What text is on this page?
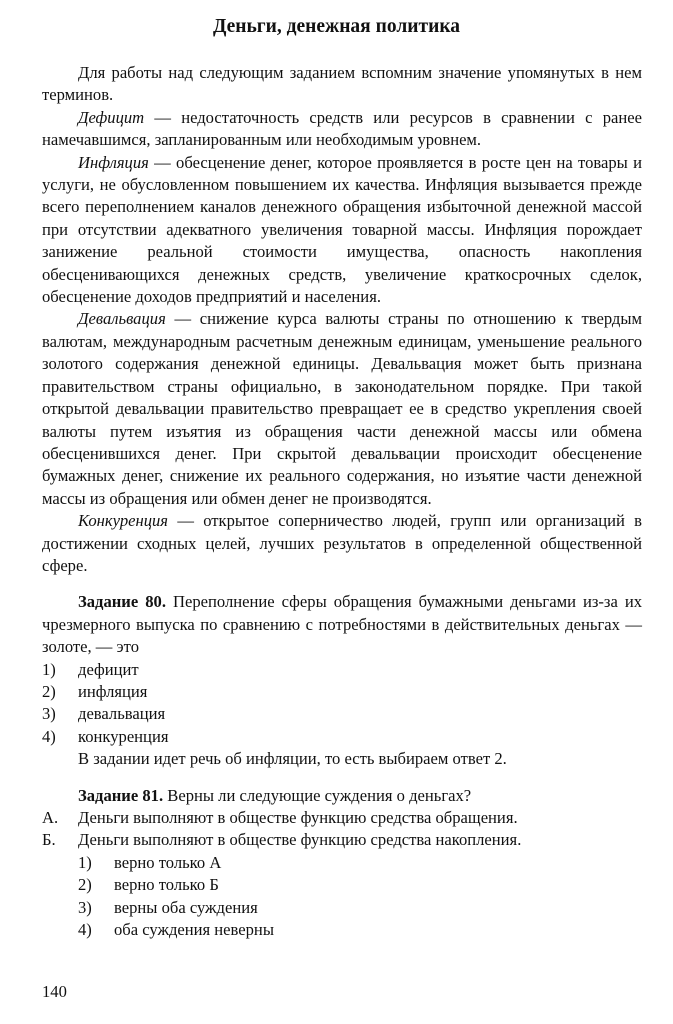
Деньги, денежная политика

Для работы над следующим заданием вспомним значение упомянутых в нем терминов.

Дефицит — недостаточность средств или ресурсов в сравнении с ранее намечавшимся, запланированным или необходимым уровнем.

Инфляция — обесценение денег, которое проявляется в росте цен на товары и услуги, не обусловленном повышением их качества. Инфляция вызывается прежде всего переполнением каналов денежного обращения избыточной денежной массой при отсутствии адекватного увеличения товарной массы. Инфляция порождает занижение реальной стоимости имущества, опасность накопления обесценивающихся денежных средств, увеличение краткосрочных сделок, обесценение доходов предприятий и населения.

Девальвация — снижение курса валюты страны по отношению к твердым валютам, международным расчетным денежным единицам, уменьшение реального золотого содержания денежной единицы. Девальвация может быть признана правительством страны официально, в законодательном порядке. При такой открытой девальвации правительство превращает ее в средство укрепления своей валюты путем изъятия из обращения части денежной массы или обмена обесценившихся денег. При скрытой девальвации происходит обесценение бумажных денег, снижение их реального содержания, но изъятие части денежной массы из обращения или обмен денег не производятся.

Конкуренция — открытое соперничество людей, групп или организаций в достижении сходных целей, лучших результатов в определенной общественной сфере.

Задание 80. Переполнение сферы обращения бумажными деньгами из-за их чрезмерного выпуска по сравнению с потребностями в действительных деньгах — золоте, — это

1)	дефицит
2)	инфляция
3)	девальвация
4)	конкуренция

В задании идет речь об инфляции, то есть выбираем ответ 2.

Задание 81. Верны ли следующие суждения о деньгах?

А.	Деньги выполняют в обществе функцию средства обращения.
Б.	Деньги выполняют в обществе функцию средства накопления.
1)	верно только А
2)	верно только Б
3)	верны оба суждения
4)	оба суждения неверны
140
